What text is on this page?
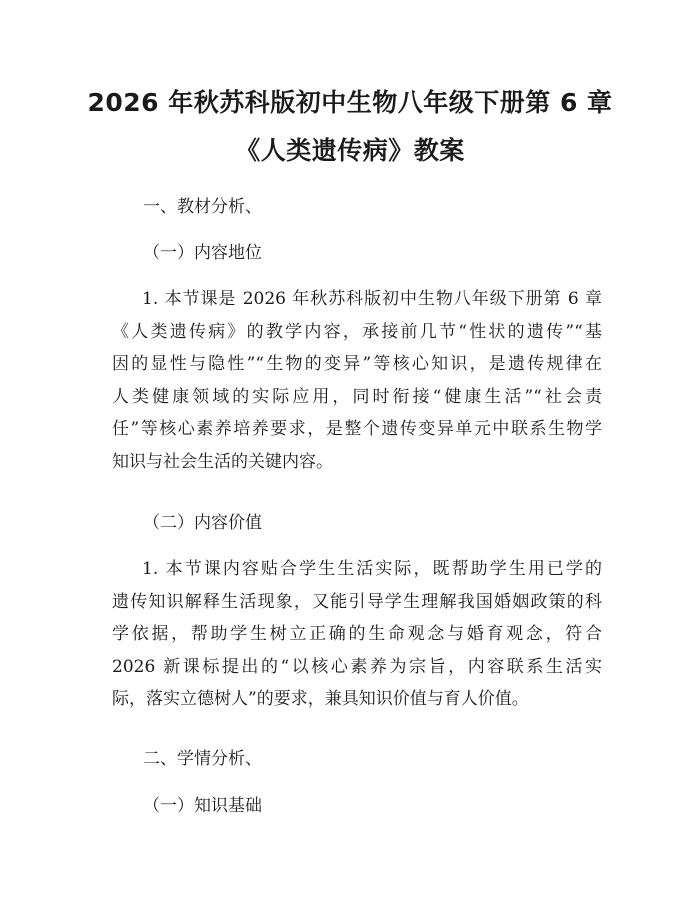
2026 年秋苏科版初中生物八年级下册第 6 章
《人类遗传病》教案
一、教材分析、
（一）内容地位
1. 本节课是 2026 年秋苏科版初中生物八年级下册第 6 章
《人类遗传病》的教学内容，承接前几节“性状的遗传”“基
因的显性与隐性”“生物的变异”等核心知识，是遗传规律在
人类健康领域的实际应用，同时衔接“健康生活”“社会责
任”等核心素养培养要求，是整个遗传变异单元中联系生物学
知识与社会生活的关键内容。
（二）内容价值
1. 本节课内容贴合学生生活实际，既帮助学生用已学的
遗传知识解释生活现象，又能引导学生理解我国婚姻政策的科
学依据，帮助学生树立正确的生命观念与婚育观念，符合
2026 新课标提出的“以核心素养为宗旨，内容联系生活实
际，落实立德树人”的要求，兼具知识价值与育人价值。
二、学情分析、
（一）知识基础
